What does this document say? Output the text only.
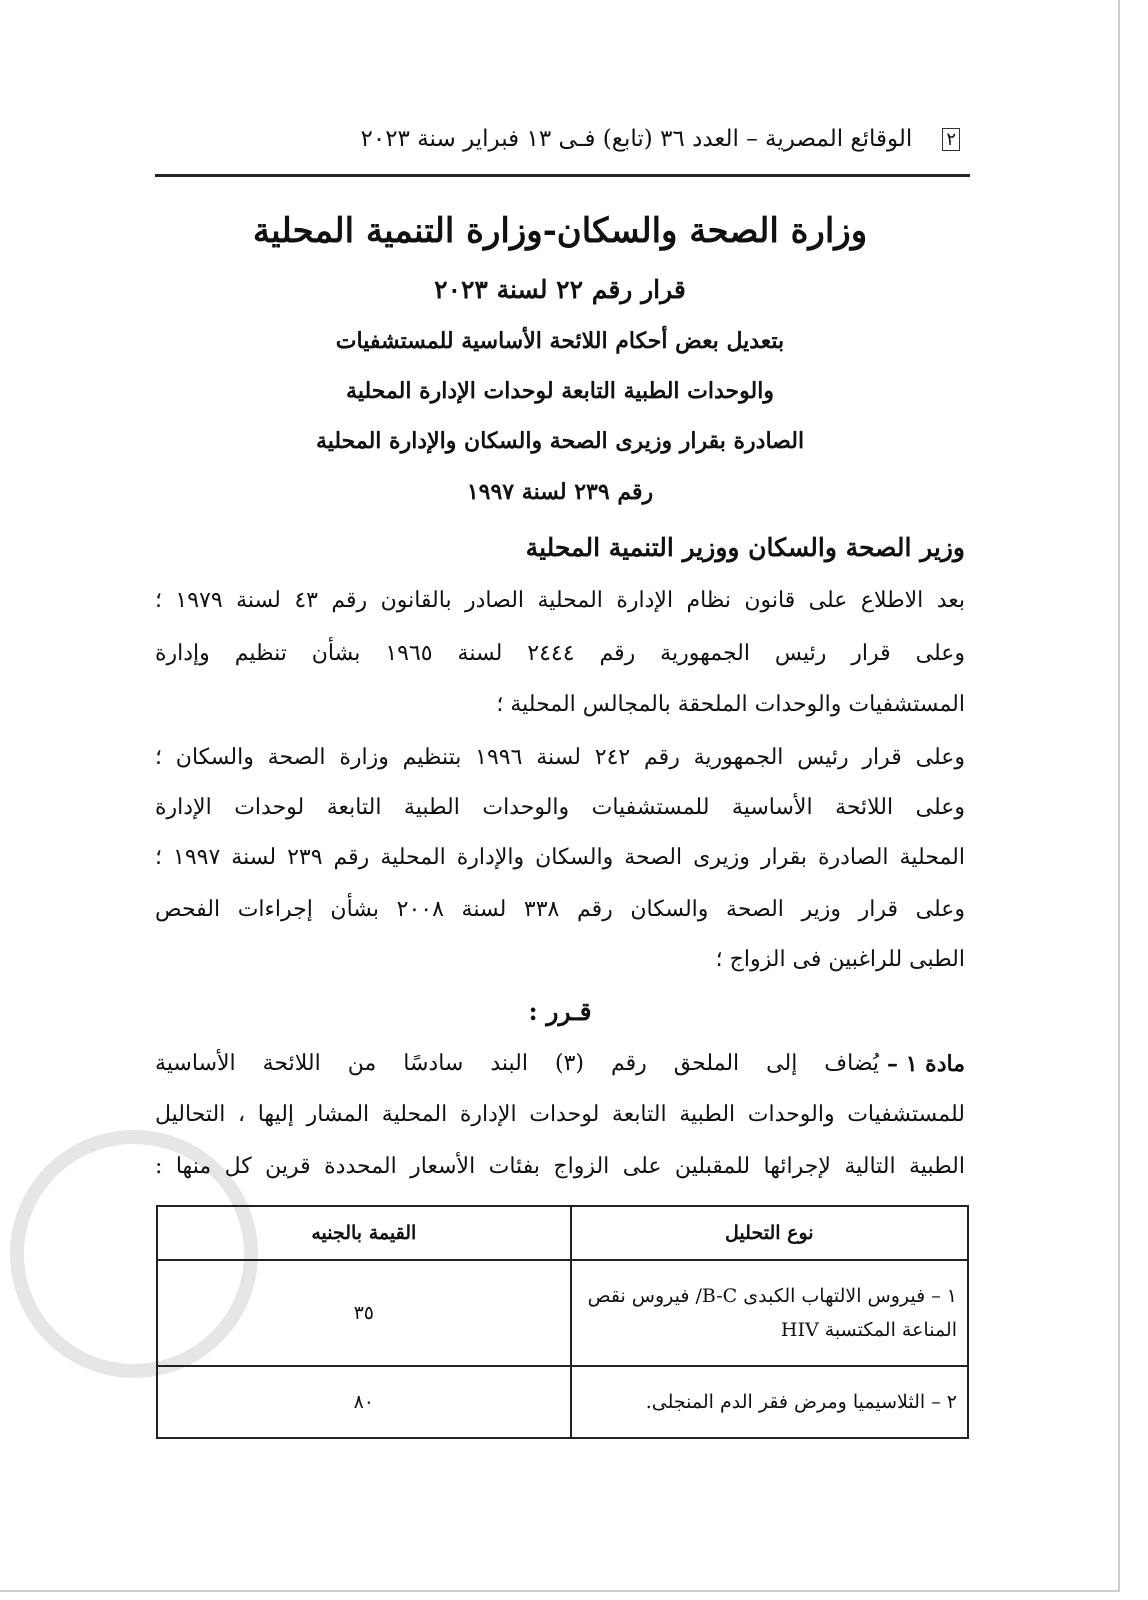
٢
الوقائع المصرية – العدد ٣٦ (تابع) فـى ١٣ فبراير سنة ٢٠٢٣
وزارة الصحة والسكان-وزارة التنمية المحلية
قرار رقم ٢٢ لسنة ٢٠٢٣
بتعديل بعض أحكام اللائحة الأساسية للمستشفيات
والوحدات الطبية التابعة لوحدات الإدارة المحلية
الصادرة بقرار وزيرى الصحة والسكان والإدارة المحلية
رقم ٢٣٩ لسنة ١٩٩٧
وزير الصحة والسكان ووزير التنمية المحلية
بعد الاطلاع على قانون نظام الإدارة المحلية الصادر بالقانون رقم ٤٣ لسنة ١٩٧٩ ؛
وعلى قرار رئيس الجمهورية رقم ٢٤٤٤ لسنة ١٩٦٥ بشأن تنظيم وإدارة
المستشفيات والوحدات الملحقة بالمجالس المحلية ؛
وعلى قرار رئيس الجمهورية رقم ٢٤٢ لسنة ١٩٩٦ بتنظيم وزارة الصحة والسكان ؛
وعلى اللائحة الأساسية للمستشفيات والوحدات الطبية التابعة لوحدات الإدارة
المحلية الصادرة بقرار وزيرى الصحة والسكان والإدارة المحلية رقم ٢٣٩ لسنة ١٩٩٧ ؛
وعلى قرار وزير الصحة والسكان رقم ٣٣٨ لسنة ٢٠٠٨ بشأن إجراءات الفحص
الطبى للراغبين فى الزواج ؛
قـرر :
مادة ١ –
يُضاف إلى الملحق رقم (٣) البند سادسًا من اللائحة الأساسية
للمستشفيات والوحدات الطبية التابعة لوحدات الإدارة المحلية المشار إليها ، التحاليل
الطبية التالية لإجرائها للمقبلين على الزواج بفئات الأسعار المحددة قرين كل منها :
نوع التحليل	القيمة بالجنيه
١ – فيروس الالتهاب الكبدى B-C/ فيروس نقص المناعة المكتسبة HIV	٣٥
٢ – الثلاسيميا ومرض فقر الدم المنجلى.	٨٠
